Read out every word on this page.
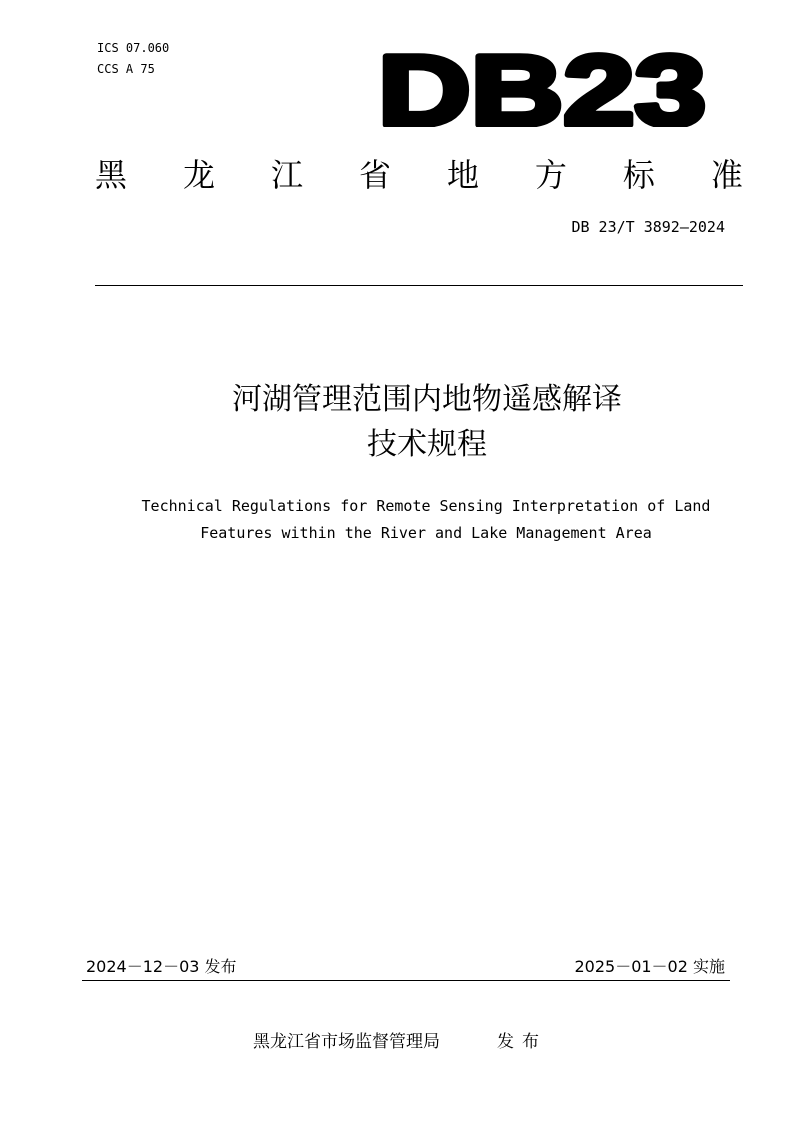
ICS 07.060
CCS A 75 DB23
黑 龙 江 省 地 方 标 准
DB 23/T 3892—2024
河湖管理范围内地物遥感解译
技术规程
Technical Regulations for Remote Sensing Interpretation of Land
Features within the River and Lake Management Area
2024－12－03 发布	2025－01－02 实施
黑龙江省市场监督管理局	发布
